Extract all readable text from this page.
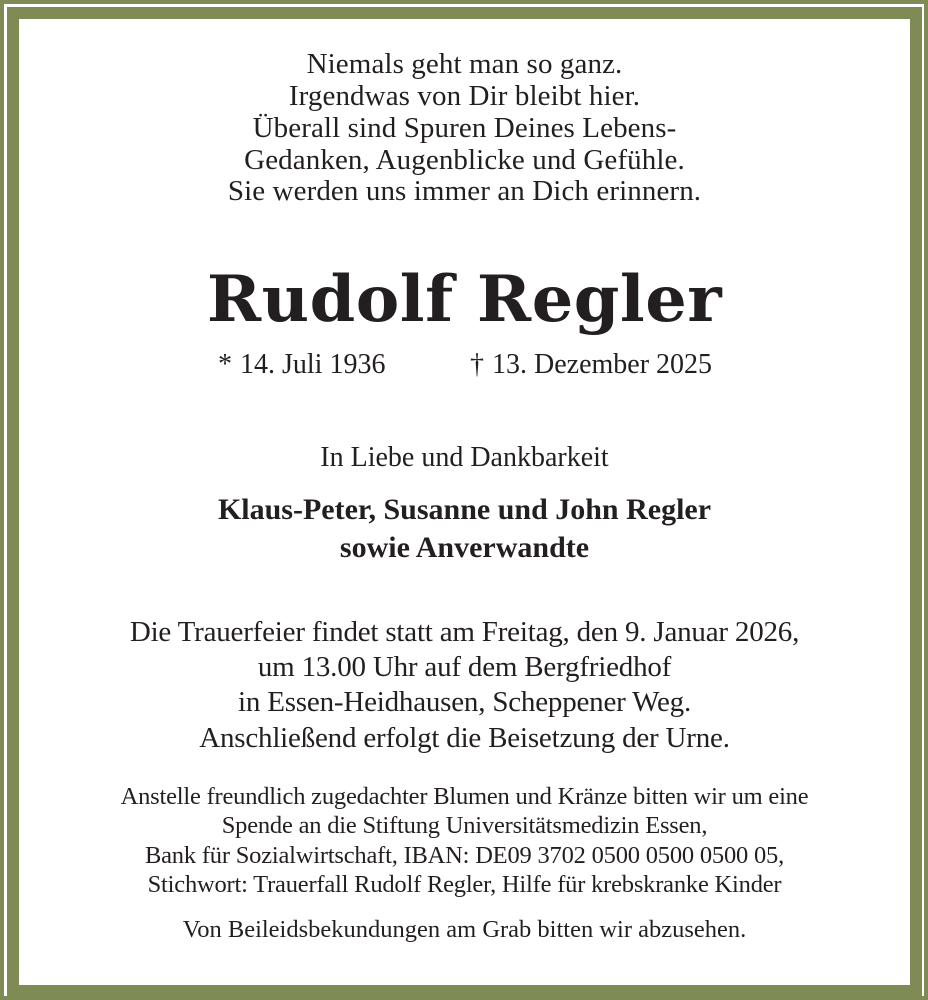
Niemals geht man so ganz.
Irgendwas von Dir bleibt hier.
Überall sind Spuren Deines Lebens-
Gedanken, Augenblicke und Gefühle.
Sie werden uns immer an Dich erinnern.
Rudolf Regler
* 14. Juli 1936	† 13. Dezember 2025
In Liebe und Dankbarkeit
Klaus-Peter, Susanne und John Regler
sowie Anverwandte
Die Trauerfeier findet statt am Freitag, den 9. Januar 2026,
um 13.00 Uhr auf dem Bergfriedhof
in Essen-Heidhausen, Scheppener Weg.
Anschließend erfolgt die Beisetzung der Urne.
Anstelle freundlich zugedachter Blumen und Kränze bitten wir um eine
Spende an die Stiftung Universitätsmedizin Essen,
Bank für Sozialwirtschaft, IBAN: DE09 3702 0500 0500 0500 05,
Stichwort: Trauerfall Rudolf Regler, Hilfe für krebskranke Kinder
Von Beileidsbekundungen am Grab bitten wir abzusehen.
